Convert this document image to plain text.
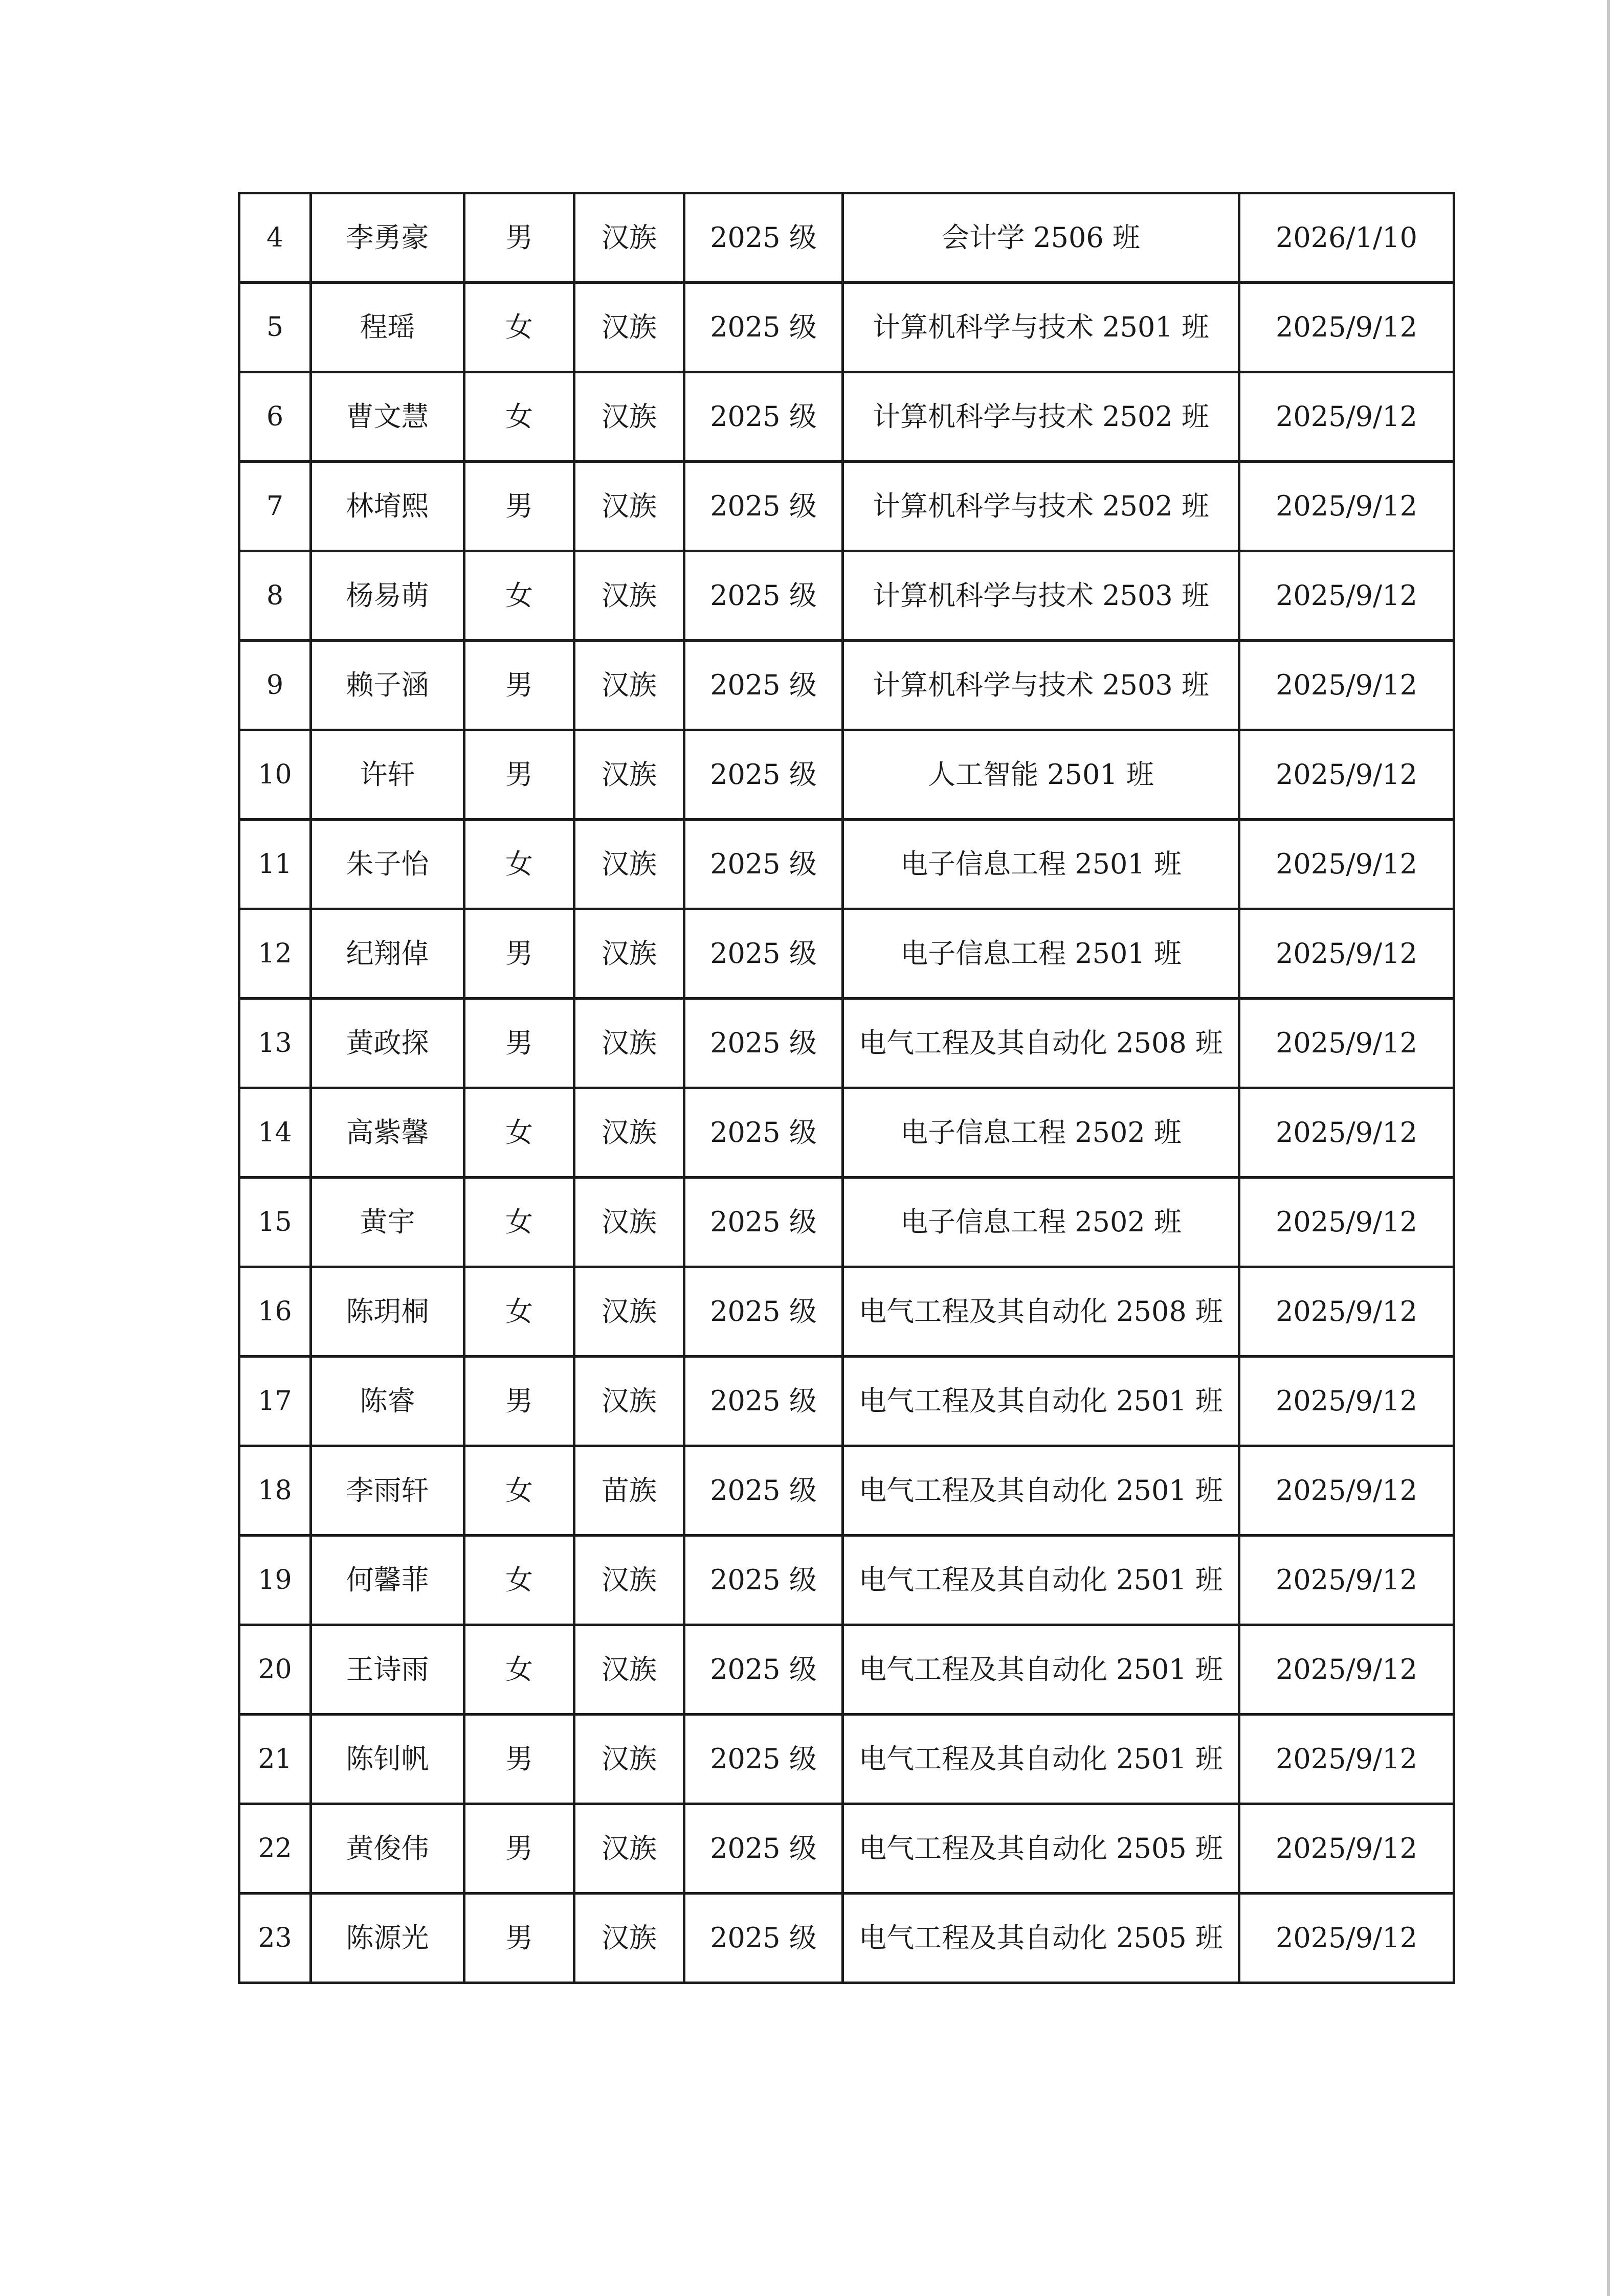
4	李勇豪	男	汉族	2025 级	会计学 2506 班	2026/1/10
5	程瑶	女	汉族	2025 级	计算机科学与技术 2501 班	2025/9/12
6	曹文慧	女	汉族	2025 级	计算机科学与技术 2502 班	2025/9/12
7	林堉熙	男	汉族	2025 级	计算机科学与技术 2502 班	2025/9/12
8	杨易萌	女	汉族	2025 级	计算机科学与技术 2503 班	2025/9/12
9	赖子涵	男	汉族	2025 级	计算机科学与技术 2503 班	2025/9/12
10	许轩	男	汉族	2025 级	人工智能 2501 班	2025/9/12
11	朱子怡	女	汉族	2025 级	电子信息工程 2501 班	2025/9/12
12	纪翔倬	男	汉族	2025 级	电子信息工程 2501 班	2025/9/12
13	黄政探	男	汉族	2025 级	电气工程及其自动化 2508 班	2025/9/12
14	高紫馨	女	汉族	2025 级	电子信息工程 2502 班	2025/9/12
15	黄宇	女	汉族	2025 级	电子信息工程 2502 班	2025/9/12
16	陈玥桐	女	汉族	2025 级	电气工程及其自动化 2508 班	2025/9/12
17	陈睿	男	汉族	2025 级	电气工程及其自动化 2501 班	2025/9/12
18	李雨轩	女	苗族	2025 级	电气工程及其自动化 2501 班	2025/9/12
19	何馨菲	女	汉族	2025 级	电气工程及其自动化 2501 班	2025/9/12
20	王诗雨	女	汉族	2025 级	电气工程及其自动化 2501 班	2025/9/12
21	陈钊帆	男	汉族	2025 级	电气工程及其自动化 2501 班	2025/9/12
22	黄俊伟	男	汉族	2025 级	电气工程及其自动化 2505 班	2025/9/12
23	陈源光	男	汉族	2025 级	电气工程及其自动化 2505 班	2025/9/12
